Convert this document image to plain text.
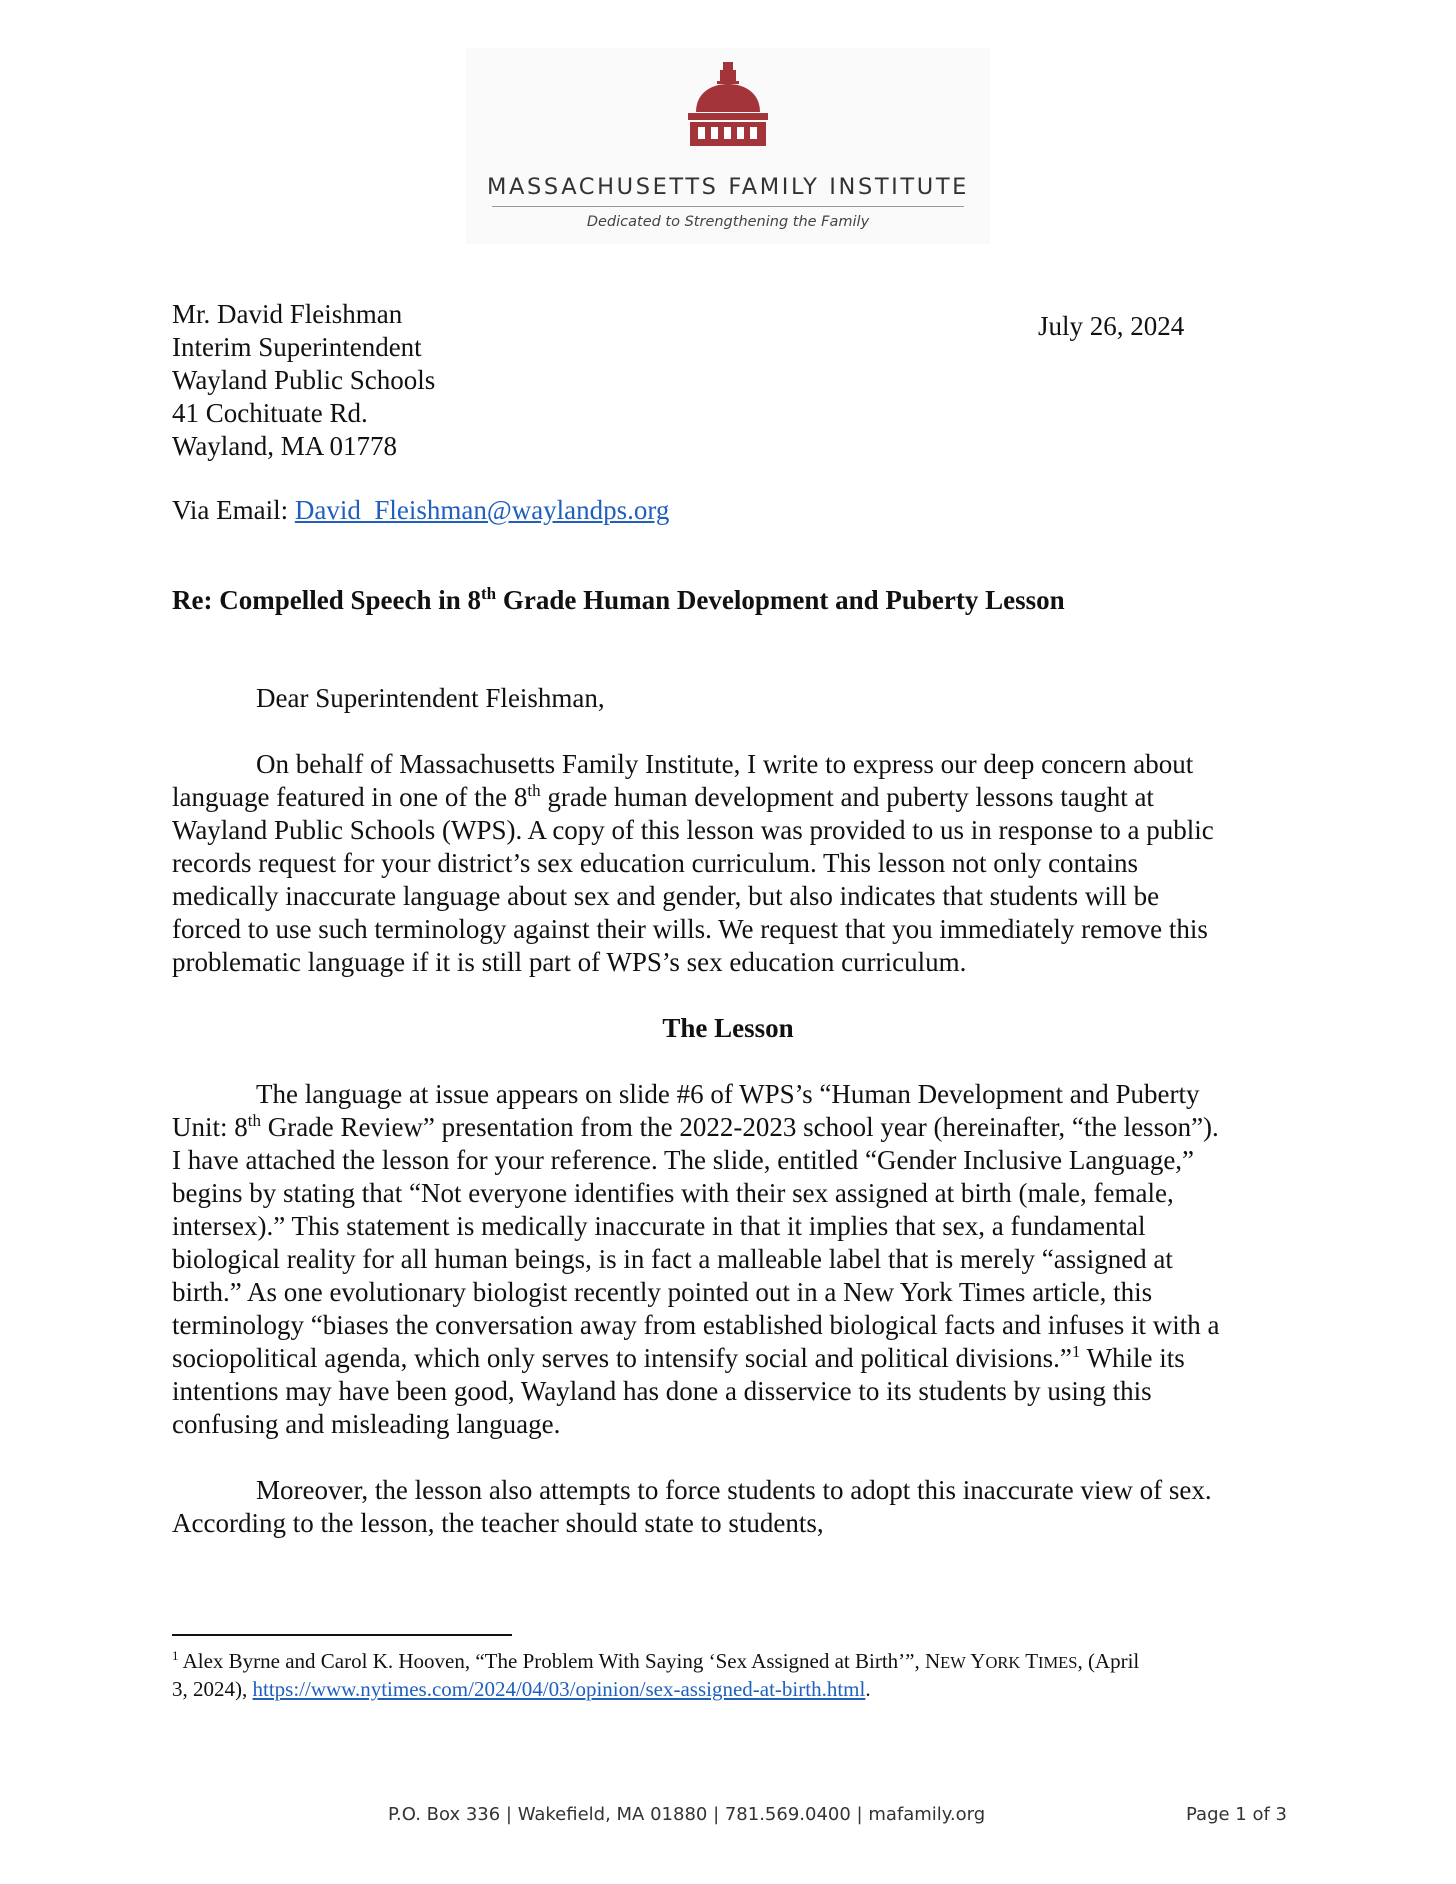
MASSACHUSETTS FAMILY INSTITUTE
Dedicated to Strengthening the Family
Mr. David Fleishman
Interim Superintendent
Wayland Public Schools
41 Cochituate Rd.
Wayland, MA 01778
July 26, 2024
Via Email: David_Fleishman@waylandps.org
Re: Compelled Speech in 8th Grade Human Development and Puberty Lesson
Dear Superintendent Fleishman,
On behalf of Massachusetts Family Institute, I write to express our deep concern about
language featured in one of the 8th grade human development and puberty lessons taught at
Wayland Public Schools (WPS). A copy of this lesson was provided to us in response to a public
records request for your district’s sex education curriculum. This lesson not only contains
medically inaccurate language about sex and gender, but also indicates that students will be
forced to use such terminology against their wills. We request that you immediately remove this
problematic language if it is still part of WPS’s sex education curriculum.
The Lesson
The language at issue appears on slide #6 of WPS’s “Human Development and Puberty
Unit: 8th Grade Review” presentation from the 2022-2023 school year (hereinafter, “the lesson”).
I have attached the lesson for your reference. The slide, entitled “Gender Inclusive Language,”
begins by stating that “Not everyone identifies with their sex assigned at birth (male, female,
intersex).” This statement is medically inaccurate in that it implies that sex, a fundamental
biological reality for all human beings, is in fact a malleable label that is merely “assigned at
birth.” As one evolutionary biologist recently pointed out in a New York Times article, this
terminology “biases the conversation away from established biological facts and infuses it with a
sociopolitical agenda, which only serves to intensify social and political divisions.”$^1$ While its
intentions may have been good, Wayland has done a disservice to its students by using this
confusing and misleading language.
Moreover, the lesson also attempts to force students to adopt this inaccurate view of sex.
According to the lesson, the teacher should state to students,
$^1$ Alex Byrne and Carol K. Hooven, “The Problem With Saying ‘Sex Assigned at Birth’”, NEW YORK TIMES, (April
3, 2024), https://www.nytimes.com/2024/04/03/opinion/sex-assigned-at-birth.html.
P.O. Box 336 | Wakefield, MA 01880 | 781.569.0400 | mafamily.org	Page 1 of 3
